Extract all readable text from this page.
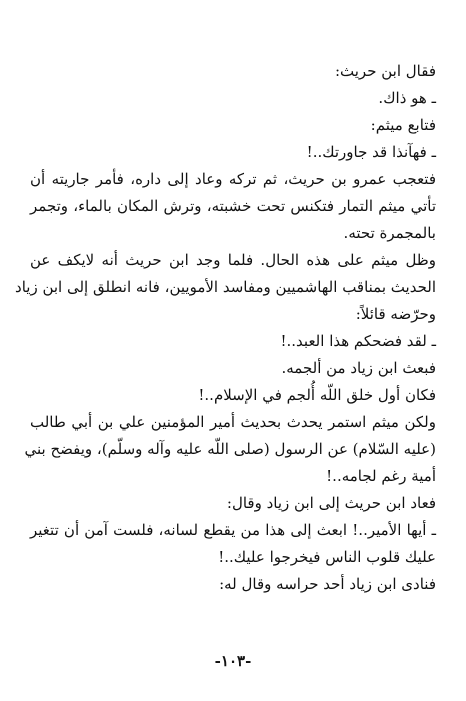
فقال ابن حريث:
ـ هو ذاك.
فتابع ميثم:
ـ فهآنذا قد جاورتك..!
فتعجب عمرو بن حريث، ثم تركه وعاد إلى داره، فأمر جاريته أن
تأتي ميثم التمار فتكنس تحت خشبته، وترش المكان بالماء، وتجمر
بالمجمرة تحته.
وظل ميثم على هذه الحال. فلما وجد ابن حريث أنه لايكف عن
الحديث بمناقب الهاشميين ومفاسد الأمويين، فانه انطلق إلى ابن زياد
وحرّضه قائلاً:
ـ لقد فضحكم هذا العبد..!
فبعث ابن زياد من ألجمه.
فكان أول خلق اللّه أُلجم في الإسلام..!
ولكن ميثم استمر يحدث بحديث أمير المؤمنين علي بن أبي طالب
(عليه السّلام) عن الرسول (صلى اللّه عليه وآله وسلّم)، ويفضح بني
أمية رغم لجامه..!
فعاد ابن حريث إلى ابن زياد وقال:
ـ أيها الأمير..! ابعث إلى هذا من يقطع لسانه، فلست آمن أن تتغير
عليك قلوب الناس فيخرجوا عليك..!
فنادى ابن زياد أحد حراسه وقال له:
-١٠٣-
